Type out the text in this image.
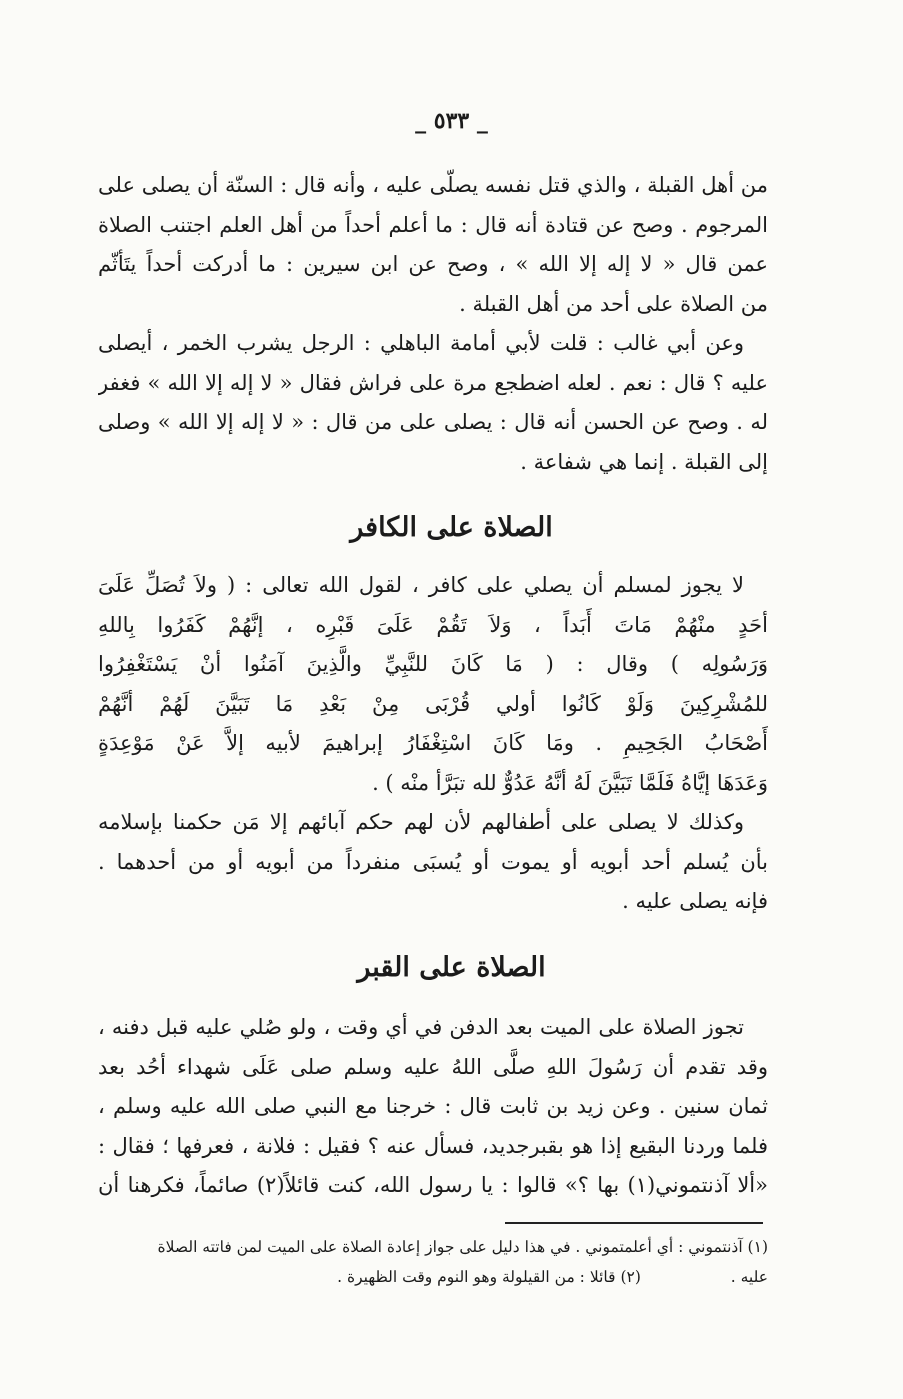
_ ٥٣٣ _
من أهل القبلة ، والذي قتل نفسه يصلّى عليه ، وأنه قال : السنّة أن يصلى على
المرجوم . وصح عن قتادة أنه قال : ما أعلم أحداً من أهل العلم اجتنب الصلاة
عمن قال « لا إله إلا الله » ، وصح عن ابن سيرين : ما أدركت أحداً يتَأثّم
من الصلاة على أحد من أهل القبلة .
وعن أبي غالب : قلت لأبي أمامة الباهلي : الرجل يشرب الخمر ، أيصلى
عليه ؟ قال : نعم . لعله اضطجع مرة على فراش فقال « لا إله إلا الله » فغفر
له . وصح عن الحسن أنه قال : يصلى على من قال : « لا إله إلا الله » وصلى
إلى القبلة . إنما هي شفاعة .
الصلاة على الكافر
لا يجوز لمسلم أن يصلي على كافر ، لقول الله تعالى : ( ولاَ تُصَلِّ عَلَىَ
أحَدٍ منْهُمْ مَاتَ أَبَداً ، وَلاَ تَقُمْ عَلَىَ قَبْرِه ، إنَّهُمْ كَفَرُوا بِاللهِ
وَرَسُولِه ) وقال : ( مَا كَانَ للنَّبِيِّ والَّذِينَ آمَنُوا أنْ يَسْتَغْفِرُوا
للمُشْرِكِينَ وَلَوْ كَانُوا أولي قُرْبَى مِنْ بَعْدِ مَا تَبَيَّنَ لَهُمْ أنَّهُمْ
أَصْحَابُ الجَحِيمِ . ومَا كَانَ اسْتِغْفَارُ إبراهيمَ لأبيه إلاَّ عَنْ مَوْعِدَةٍ
وَعَدَهَا إيَّاهُ فَلَمَّا تَبَيَّنَ لَهُ أنَّهُ عَدُوٌّ لله تبَرَّأ منْه ) .
وكذلك لا يصلى على أطفالهم لأن لهم حكم آبائهم إلا مَن حكمنا بإسلامه
بأن يُسلم أحد أبويه أو يموت أو يُسبَى منفرداً من أبويه أو من أحدهما .
فإنه يصلى عليه .
الصلاة على القبر
تجوز الصلاة على الميت بعد الدفن في أي وقت ، ولو صُلي عليه قبل دفنه ،
وقد تقدم أن رَسُولَ اللهِ صلَّى اللهُ عليه وسلم صلى عَلَى شهداء أحُد بعد
ثمان سنين . وعن زيد بن ثابت قال : خرجنا مع النبي صلى الله عليه وسلم ،
فلما وردنا البقيع إذا هو بقبرجديد، فسأل عنه ؟ فقيل : فلانة ، فعرفها ؛ فقال :
«ألا آذنتموني(١) بها ؟» قالوا : يا رسول الله، كنت قائلاً(٢) صائماً، فكرهنا أن
(١) آذنتموني : أي أعلمتموني . في هذا دليل على جواز إعادة الصلاة على الميت لمن فاتته الصلاة
عليه .  (٢) قائلا : من القيلولة وهو النوم وقت الظهيرة .
